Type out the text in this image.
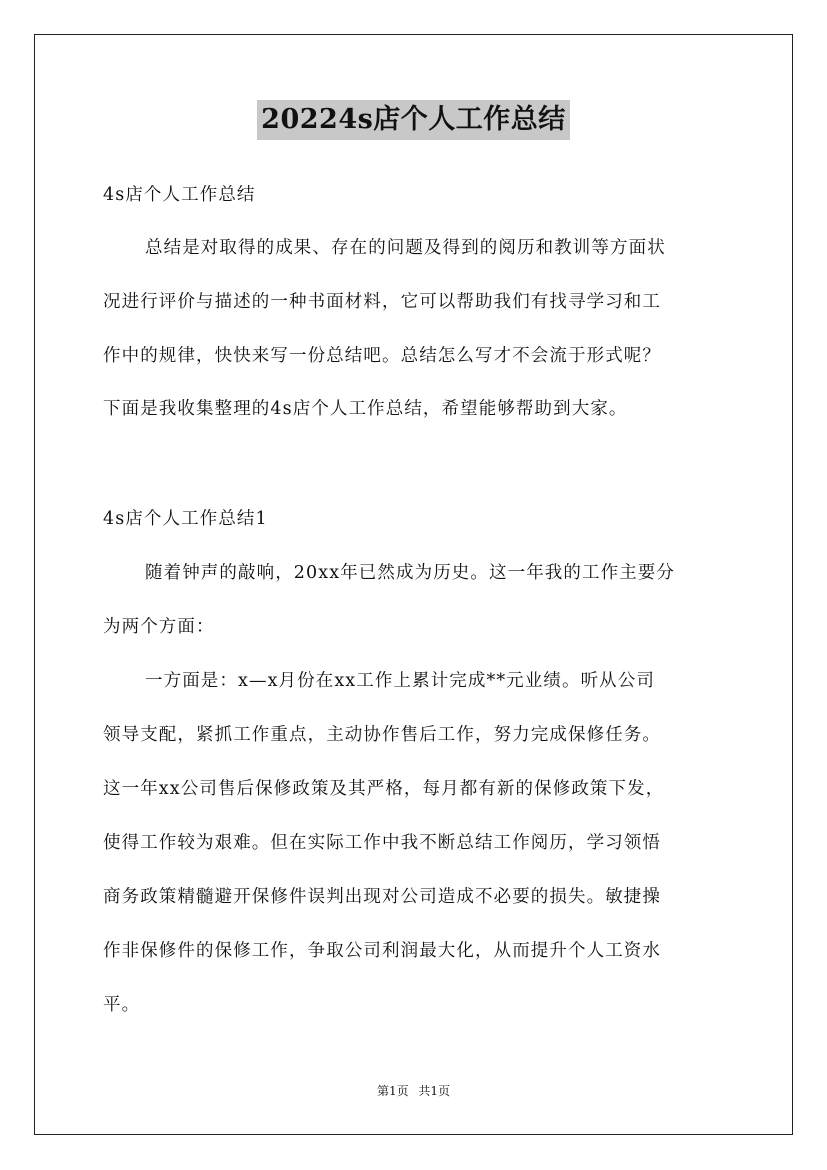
20224s店个人工作总结
4s店个人工作总结
总结是对取得的成果、存在的问题及得到的阅历和教训等方面状
况进行评价与描述的一种书面材料，它可以帮助我们有找寻学习和工
作中的规律，快快来写一份总结吧。总结怎么写才不会流于形式呢？
下面是我收集整理的4s店个人工作总结，希望能够帮助到大家。
4s店个人工作总结1
随着钟声的敲响，20xx年已然成为历史。这一年我的工作主要分
为两个方面：
一方面是：x—x月份在xx工作上累计完成**元业绩。听从公司
领导支配，紧抓工作重点，主动协作售后工作，努力完成保修任务。
这一年xx公司售后保修政策及其严格，每月都有新的保修政策下发，
使得工作较为艰难。但在实际工作中我不断总结工作阅历，学习领悟
商务政策精髓避开保修件误判出现对公司造成不必要的损失。敏捷操
作非保修件的保修工作，争取公司利润最大化，从而提升个人工资水
平。
第1页 共1页
